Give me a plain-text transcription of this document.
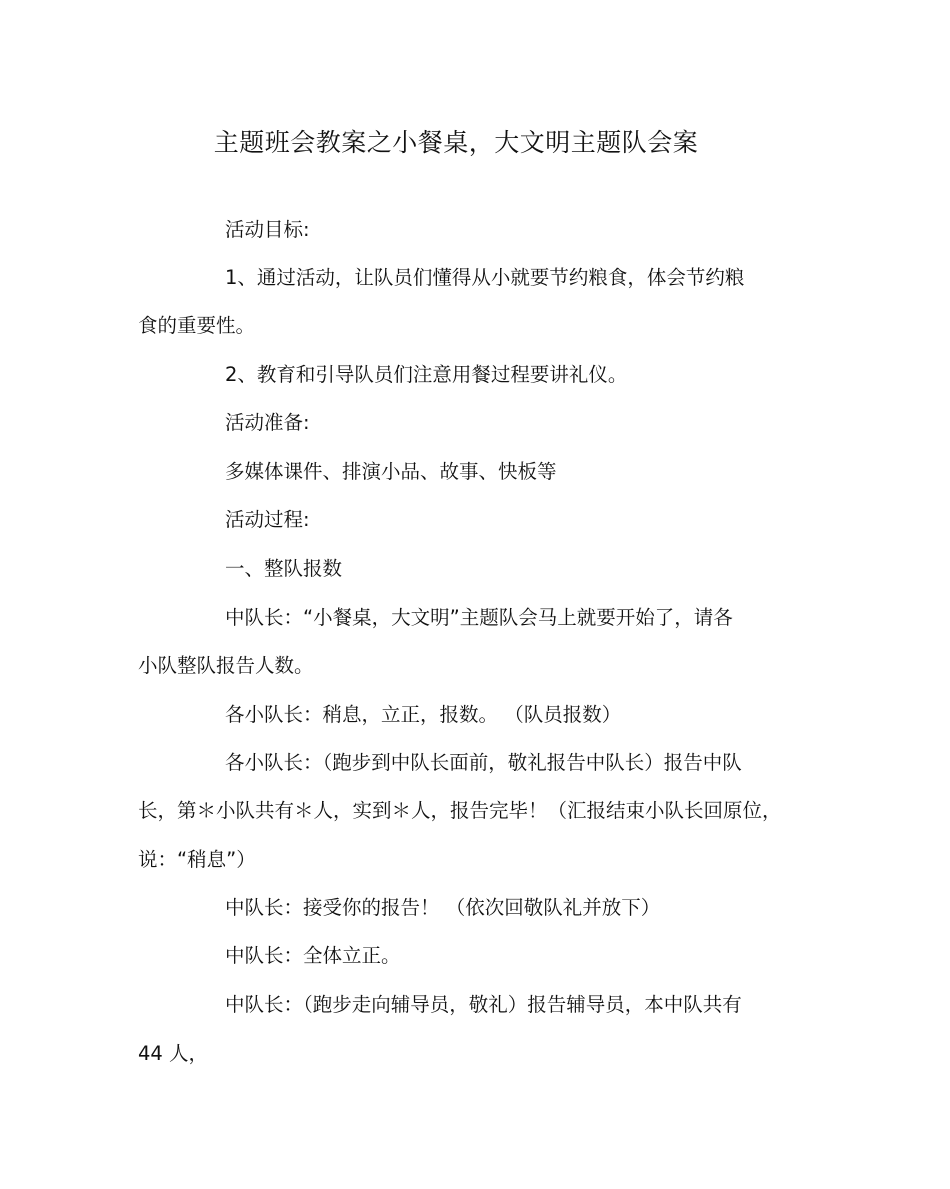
主题班会教案之小餐桌，大文明主题队会案
活动目标:
1、通过活动，让队员们懂得从小就要节约粮食，体会节约粮
食的重要性。
2、教育和引导队员们注意用餐过程要讲礼仪。
活动准备:
多媒体课件、排演小品、故事、快板等
活动过程:
一、整队报数
中队长：“小餐桌，大文明”主题队会马上就要开始了，请各
小队整队报告人数。
各小队长：稍息，立正，报数。 （队员报数）
各小队长：（跑步到中队长面前，敬礼报告中队长）报告中队
长，第＊小队共有＊人，实到＊人，报告完毕！（汇报结束小队长回原位，
说：“稍息”）
中队长：接受你的报告！ （依次回敬队礼并放下）
中队长：全体立正。
中队长：（跑步走向辅导员，敬礼）报告辅导员，本中队共有
44 人，
